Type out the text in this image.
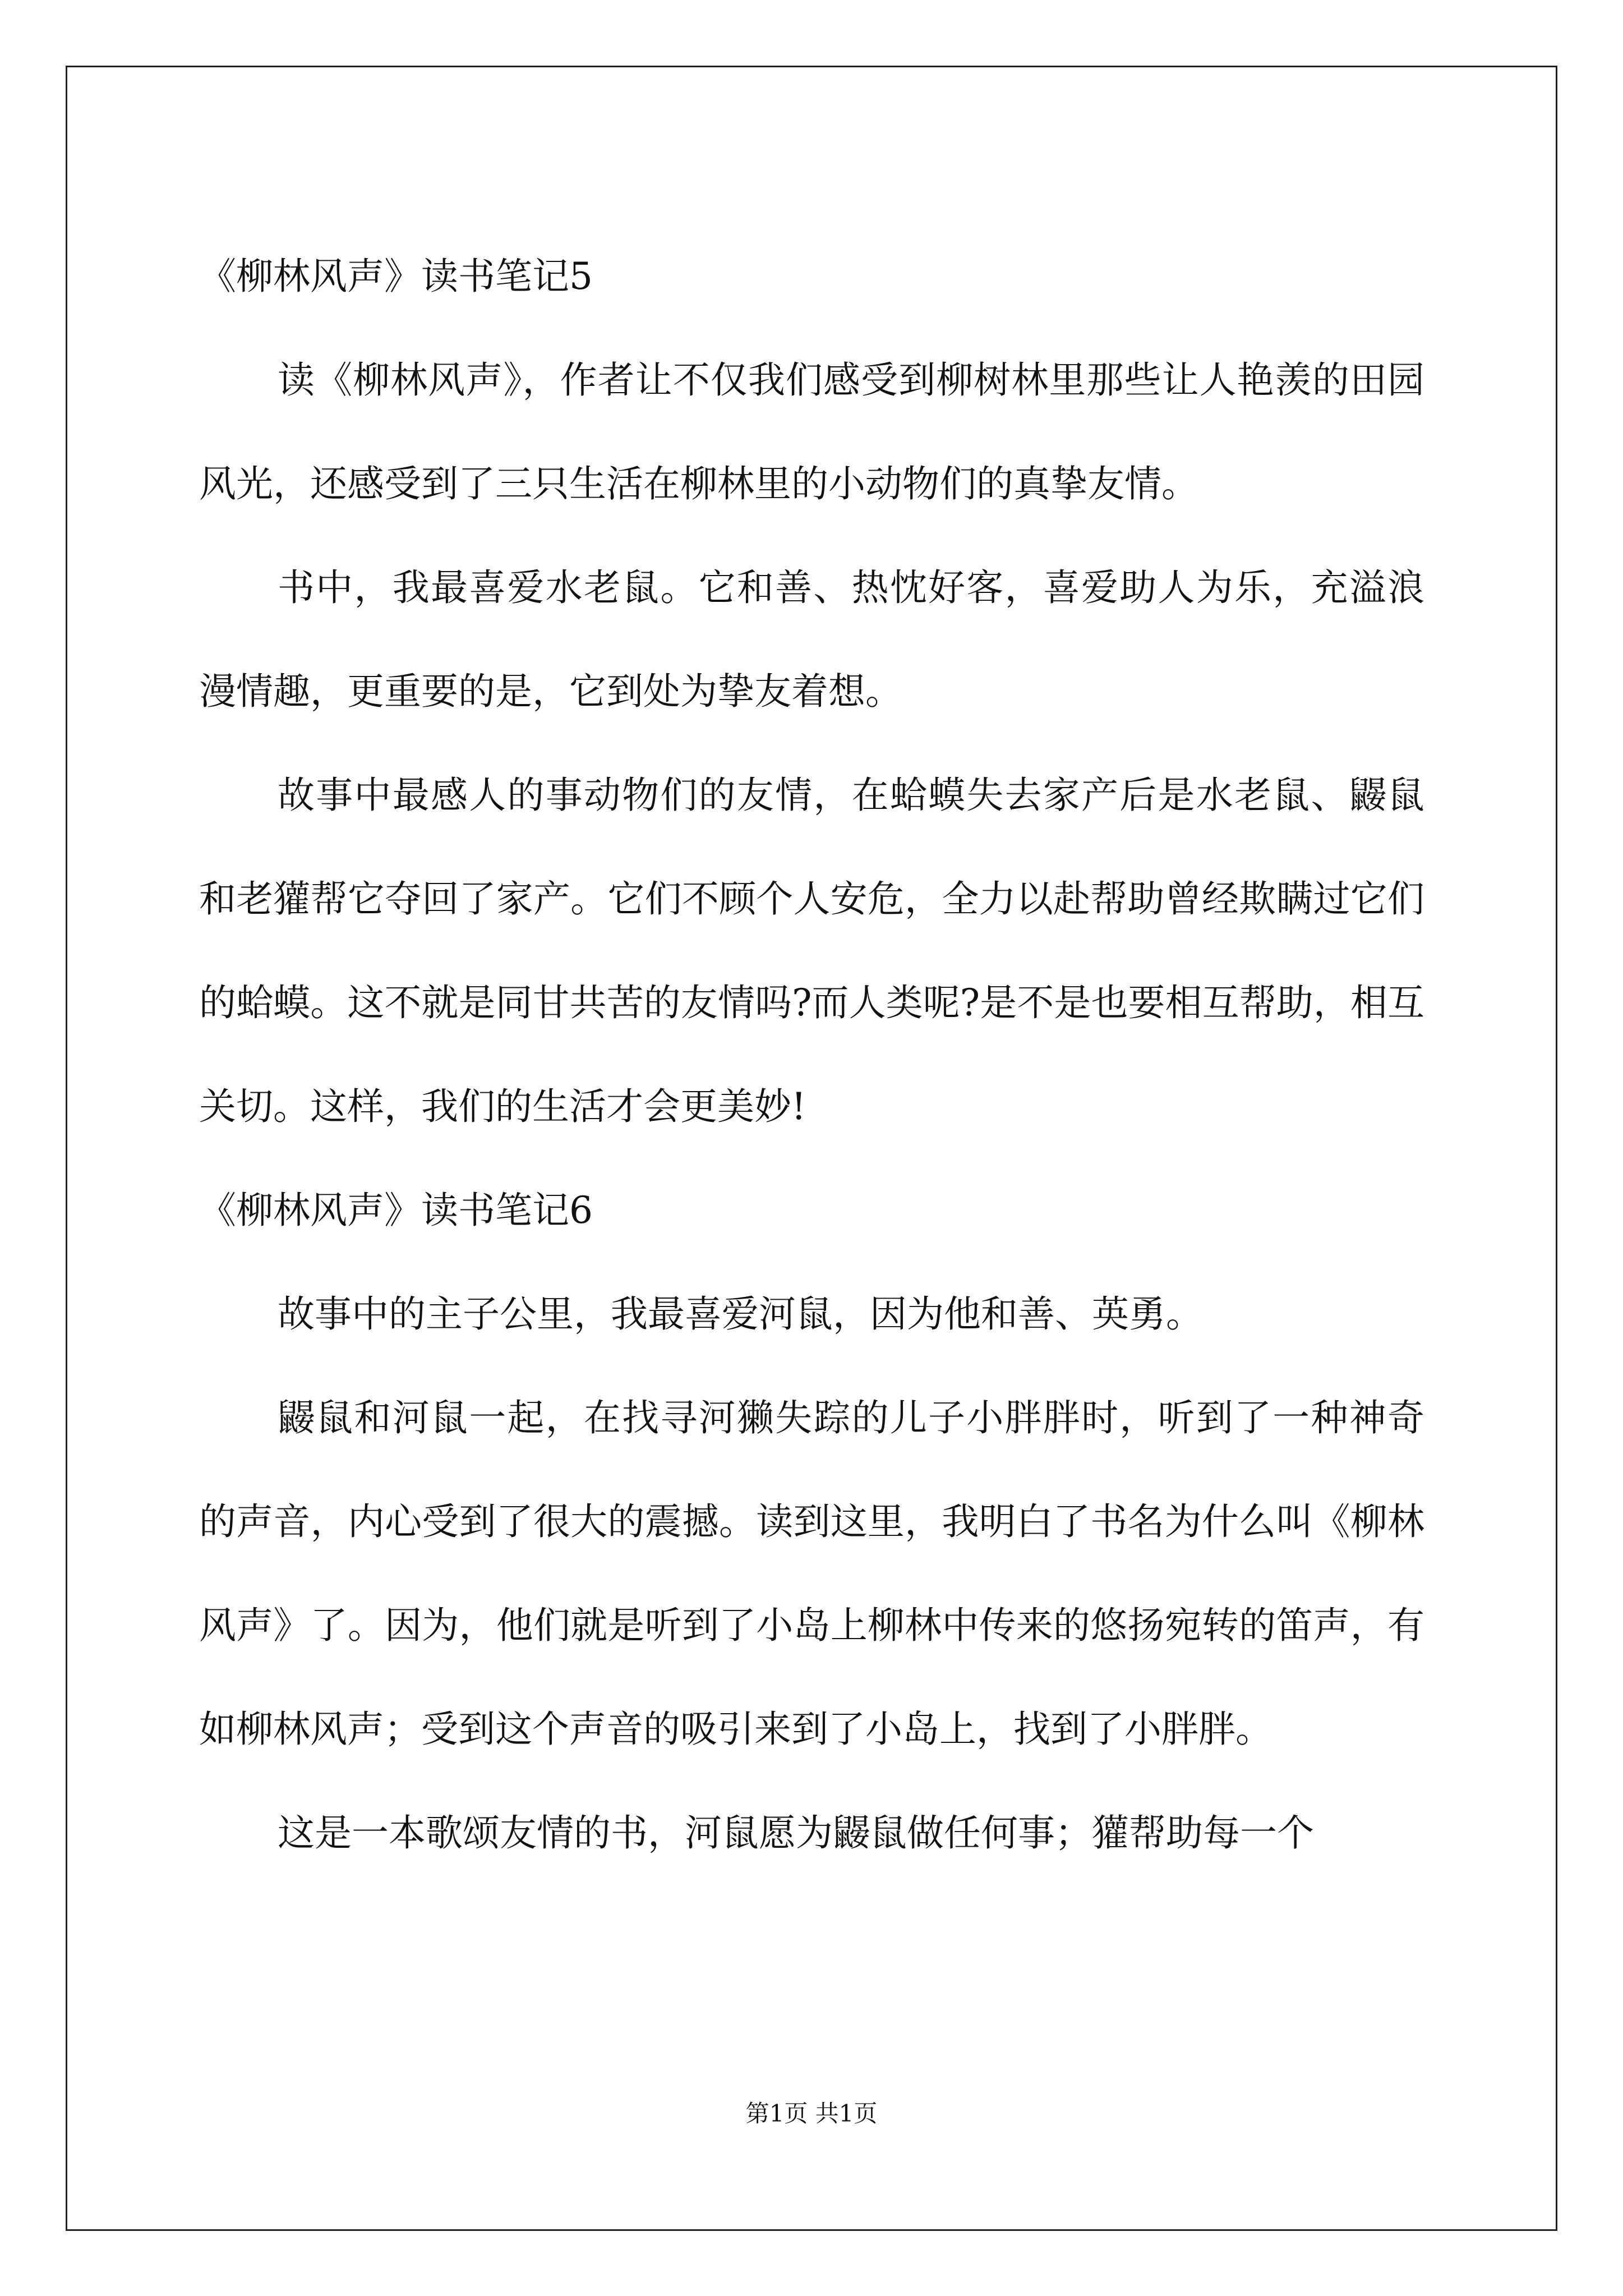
《柳林风声》读书笔记5

读《柳林风声》，作者让不仅我们感受到柳树林里那些让人艳羡的田园风光，还感受到了三只生活在柳林里的小动物们的真挚友情。

书中，我最喜爱水老鼠。它和善、热忱好客，喜爱助人为乐，充溢浪漫情趣，更重要的是，它到处为挚友着想。

故事中最感人的事动物们的友情，在蛤蟆失去家产后是水老鼠、鼹鼠和老獾帮它夺回了家产。它们不顾个人安危，全力以赴帮助曾经欺瞒过它们的蛤蟆。这不就是同甘共苦的友情吗?而人类呢?是不是也要相互帮助，相互关切。这样，我们的生活才会更美妙!

《柳林风声》读书笔记6

故事中的主子公里，我最喜爱河鼠，因为他和善、英勇。

鼹鼠和河鼠一起，在找寻河獭失踪的儿子小胖胖时，听到了一种神奇的声音，内心受到了很大的震撼。读到这里，我明白了书名为什么叫《柳林风声》了。因为，他们就是听到了小岛上柳林中传来的悠扬宛转的笛声，有如柳林风声；受到这个声音的吸引来到了小岛上，找到了小胖胖。

这是一本歌颂友情的书，河鼠愿为鼹鼠做任何事；獾帮助每一个

第1页 共1页
